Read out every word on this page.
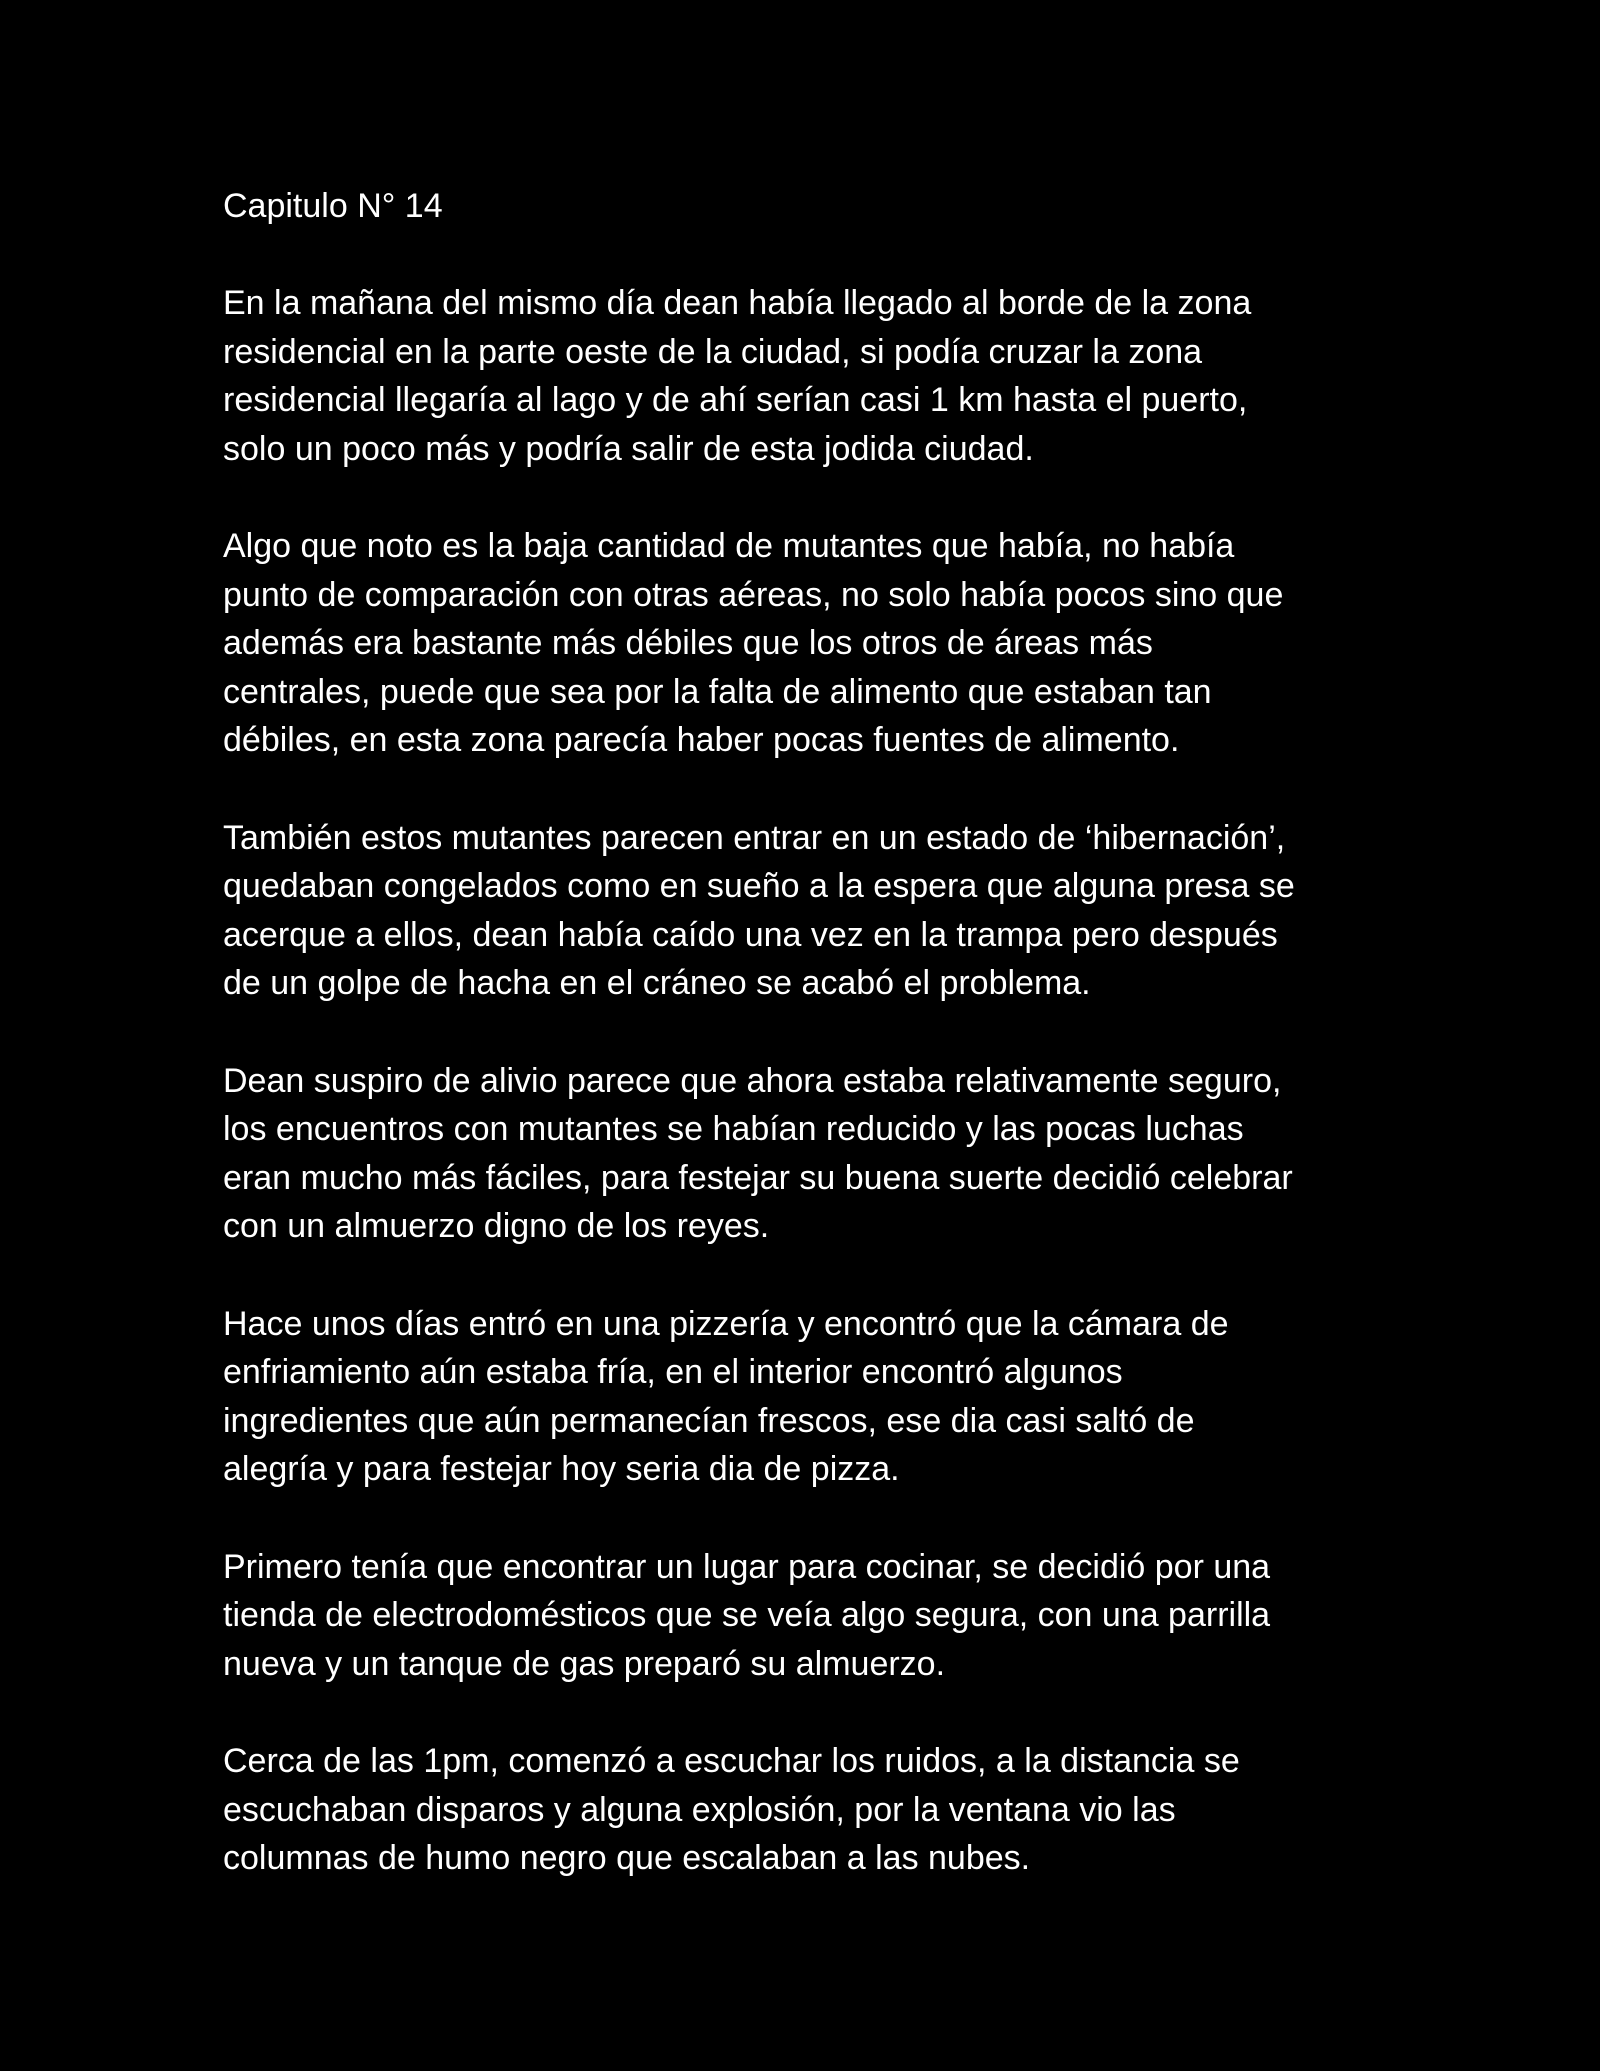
Capitulo N° 14

En la mañana del mismo día dean había llegado al borde de la zona
residencial en la parte oeste de la ciudad, si podía cruzar la zona
residencial llegaría al lago y de ahí serían casi 1 km hasta el puerto,
solo un poco más y podría salir de esta jodida ciudad.

Algo que noto es la baja cantidad de mutantes que había, no había
punto de comparación con otras aéreas, no solo había pocos sino que
además era bastante más débiles que los otros de áreas más
centrales, puede que sea por la falta de alimento que estaban tan
débiles, en esta zona parecía haber pocas fuentes de alimento.

También estos mutantes parecen entrar en un estado de ‘hibernación’,
quedaban congelados como en sueño a la espera que alguna presa se
acerque a ellos, dean había caído una vez en la trampa pero después
de un golpe de hacha en el cráneo se acabó el problema.

Dean suspiro de alivio parece que ahora estaba relativamente seguro,
los encuentros con mutantes se habían reducido y las pocas luchas
eran mucho más fáciles, para festejar su buena suerte decidió celebrar
con un almuerzo digno de los reyes.

Hace unos días entró en una pizzería y encontró que la cámara de
enfriamiento aún estaba fría, en el interior encontró algunos
ingredientes que aún permanecían frescos, ese dia casi saltó de
alegría y para festejar hoy seria dia de pizza.

Primero tenía que encontrar un lugar para cocinar, se decidió por una
tienda de electrodomésticos que se veía algo segura, con una parrilla
nueva y un tanque de gas preparó su almuerzo.

Cerca de las 1pm, comenzó a escuchar los ruidos, a la distancia se
escuchaban disparos y alguna explosión, por la ventana vio las
columnas de humo negro que escalaban a las nubes.
